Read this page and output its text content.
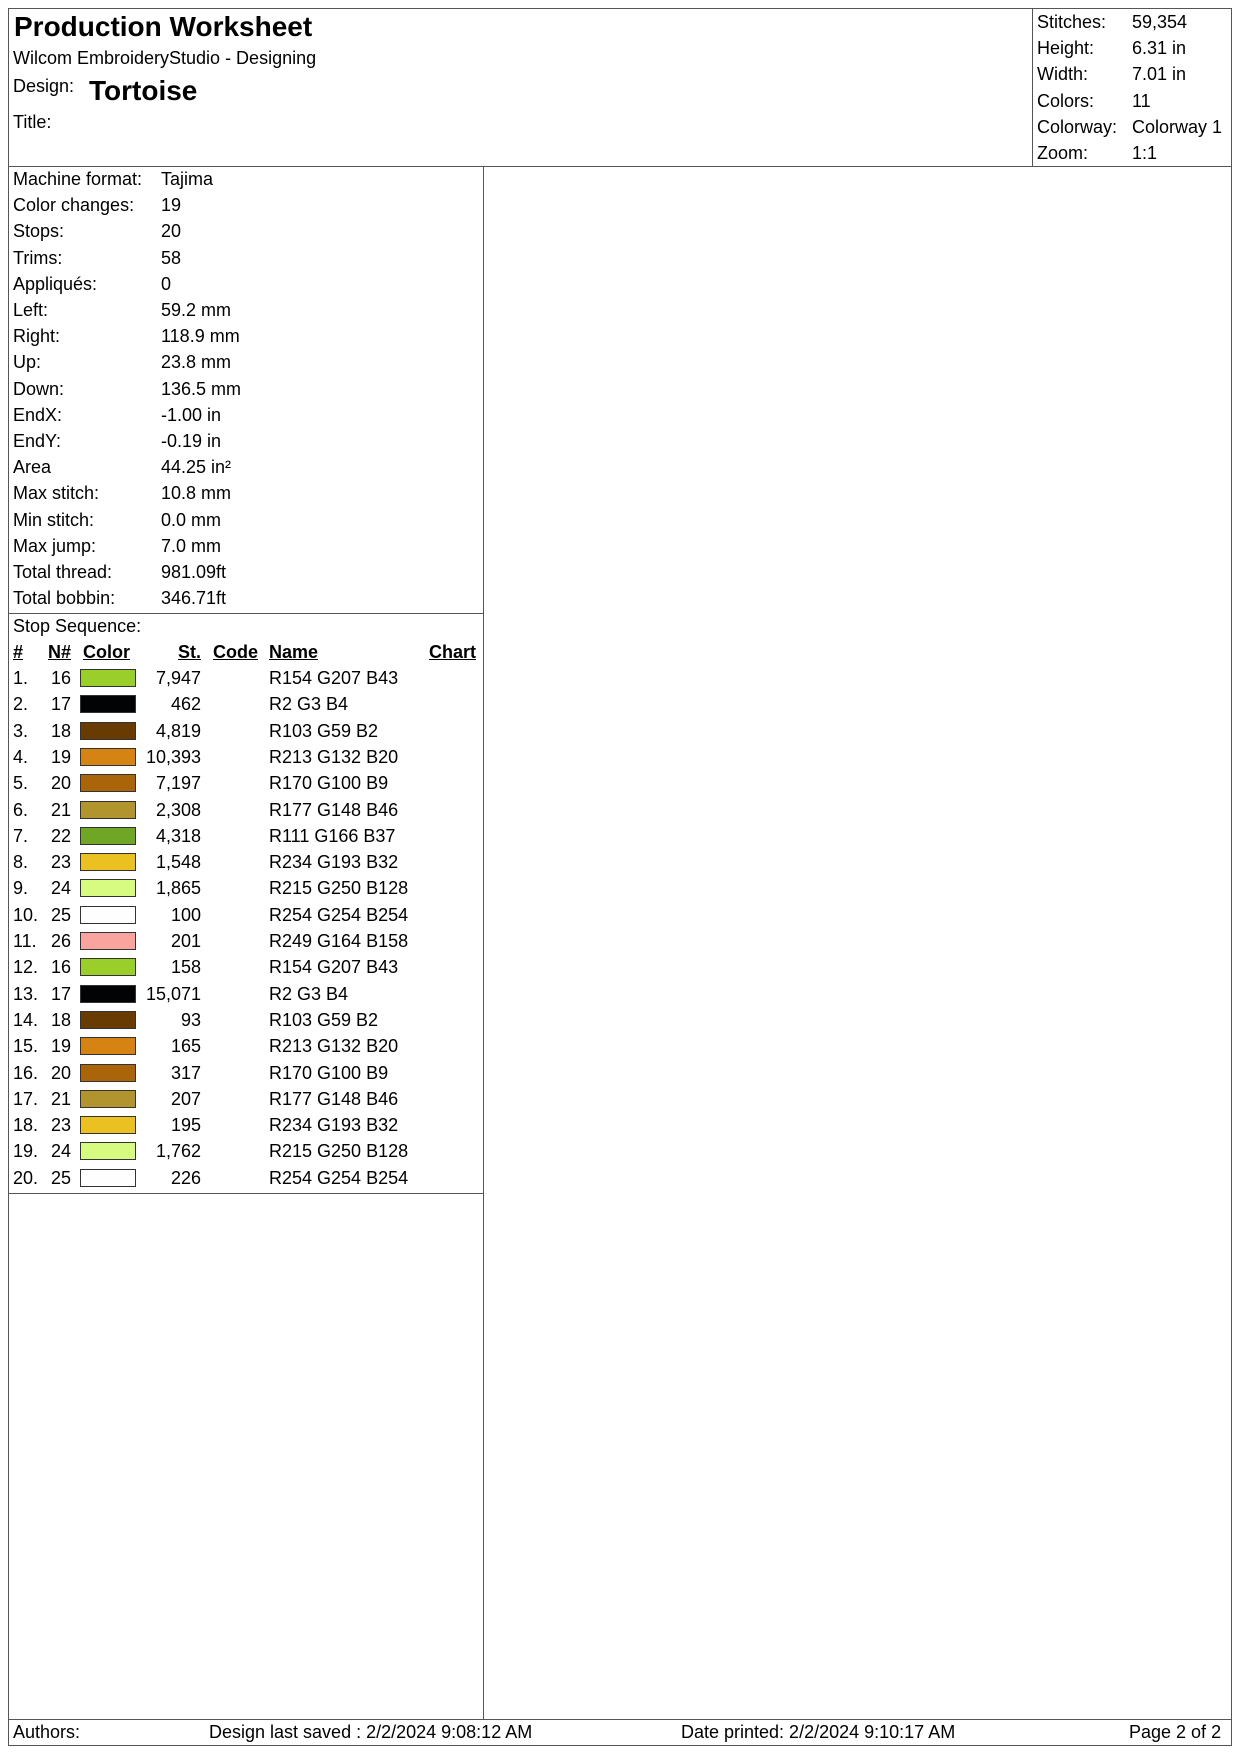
Production Worksheet
Wilcom EmbroideryStudio - Designing
Design: Tortoise
Title:
Stitches: 59,354
Height: 6.31 in
Width: 7.01 in
Colors: 11
Colorway: Colorway 1
Zoom: 1:1
Machine format: Tajima
Color changes: 19
Stops:	20
Trims:	58
Appliqués:	0
Left:	59.2 mm
Right:	118.9 mm
Up:	23.8 mm
Down:	136.5 mm
EndX:	-1.00 in
EndY:	-0.19 in
Area	44.25 in²
Max stitch:	10.8 mm
Min stitch:	0.0 mm
Max jump:	7.0 mm
Total thread:	981.09ft
Total bobbin:	346.71ft
Stop Sequence:
# N# Color	St. Code Name	Chart
1.	16	7,947	R154 G207 B43
2.	17	462	R2 G3 B4
3.	18	4,819	R103 G59 B2
4.	19	10,393	R213 G132 B20
5.	20	7,197	R170 G100 B9
6.	21	2,308	R177 G148 B46
7.	22	4,318	R111 G166 B37
8.	23	1,548	R234 G193 B32
9.	24	1,865	R215 G250 B128
10. 25	100	R254 G254 B254
11. 26	201	R249 G164 B158
12. 16	158	R154 G207 B43
13. 17	15,071	R2 G3 B4
14. 18	93	R103 G59 B2
15. 19	165	R213 G132 B20
16. 20	317	R170 G100 B9
17. 21	207	R177 G148 B46
18. 23	195	R234 G193 B32
19. 24	1,762	R215 G250 B128
20. 25	226	R254 G254 B254
Authors:	Design last saved : 2/2/2024 9:08:12 AM	Date printed: 2/2/2024 9:10:17 AM	Page 2 of 2
